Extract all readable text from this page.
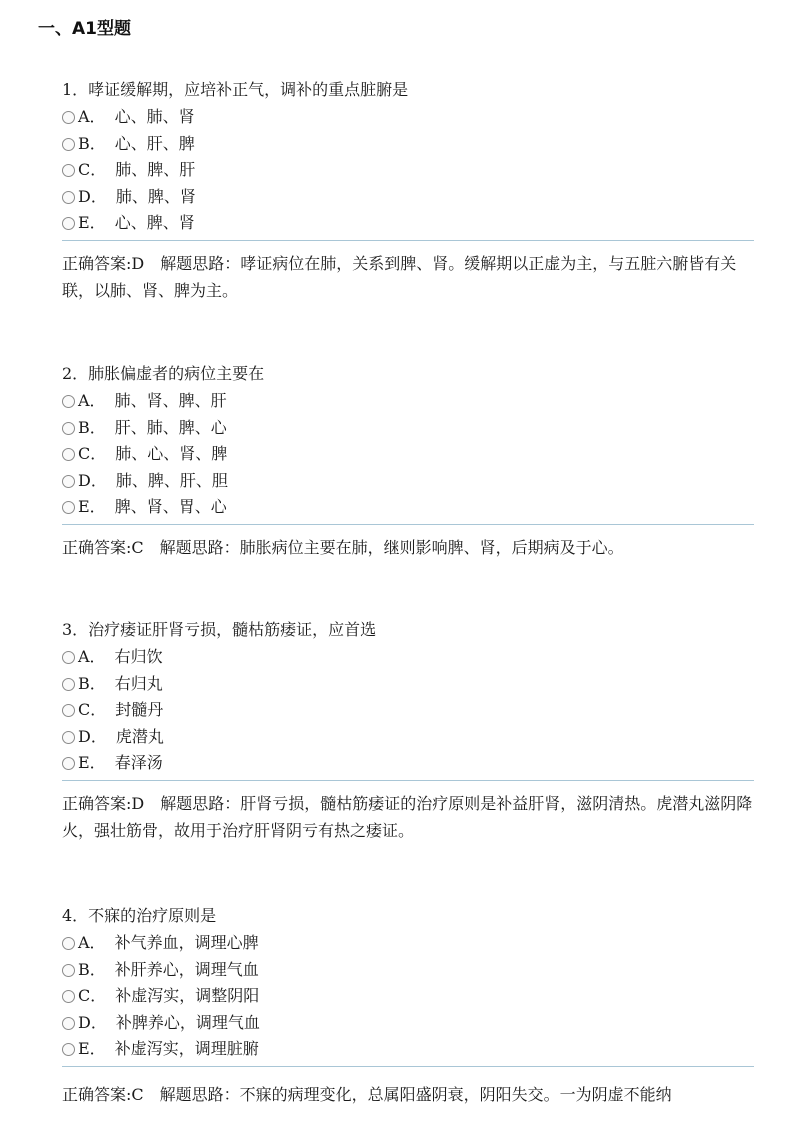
一、A1型题
1．哮证缓解期，应培补正气，调补的重点脏腑是
A． 心、肺、肾
B． 心、肝、脾
C． 肺、脾、肝
D． 肺、脾、肾
E． 心、脾、肾
正确答案:D 解题思路：哮证病位在肺，关系到脾、肾。缓解期以正虚为主，与五脏六腑皆有关联，以肺、肾、脾为主。
2．肺胀偏虚者的病位主要在
A． 肺、肾、脾、肝
B． 肝、肺、脾、心
C． 肺、心、肾、脾
D． 肺、脾、肝、胆
E． 脾、肾、胃、心
正确答案:C 解题思路：肺胀病位主要在肺，继则影响脾、肾，后期病及于心。
3．治疗痿证肝肾亏损，髓枯筋痿证，应首选
A． 右归饮
B． 右归丸
C． 封髓丹
D． 虎潜丸
E． 春泽汤
正确答案:D 解题思路：肝肾亏损，髓枯筋痿证的治疗原则是补益肝肾，滋阴清热。虎潜丸滋阴降火，强壮筋骨，故用于治疗肝肾阴亏有热之痿证。
4．不寐的治疗原则是
A． 补气养血，调理心脾
B． 补肝养心，调理气血
C． 补虚泻实，调整阴阳
D． 补脾养心，调理气血
E． 补虚泻实，调理脏腑
正确答案:C 解题思路：不寐的病理变化，总属阳盛阴衰，阴阳失交。一为阴虚不能纳
